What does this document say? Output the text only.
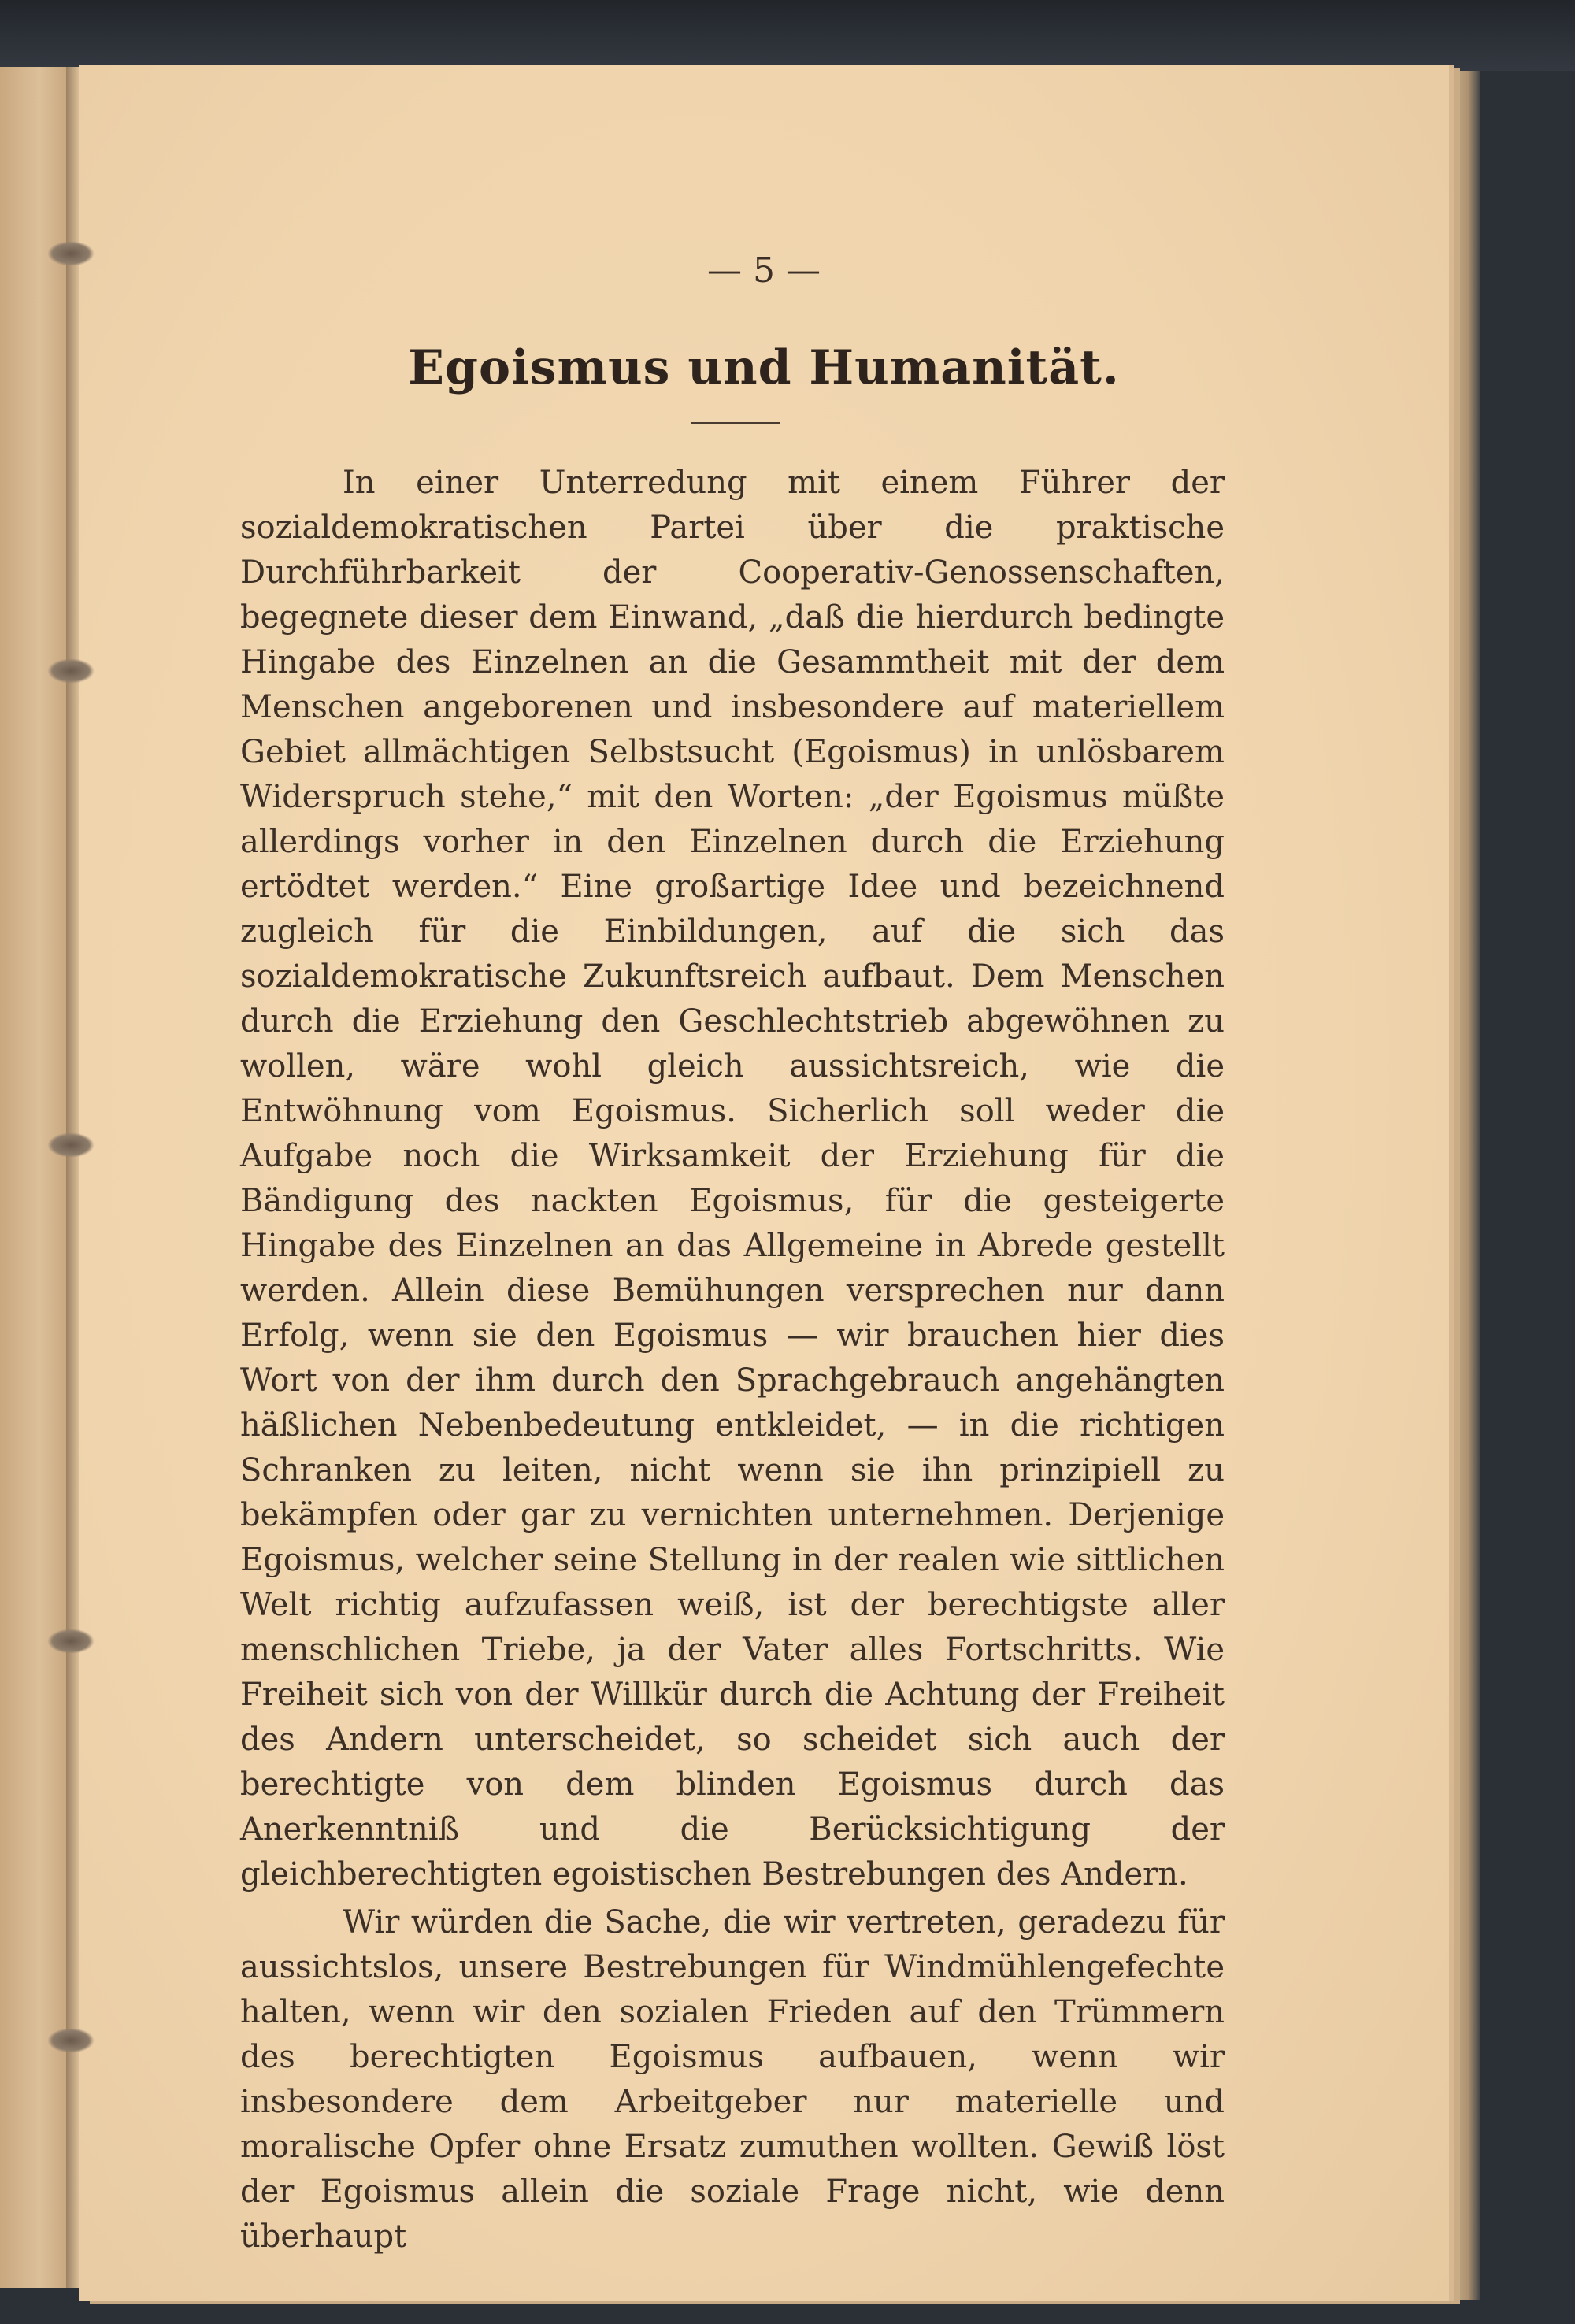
— 5 —
Egoismus und Humanität.

In einer Unterredung mit einem Führer der sozialdemokratischen Partei über die praktische Durchführbarkeit der Cooperativ-Genossenschaften, begegnete dieser dem Einwand, „daß die hierdurch bedingte Hingabe des Einzelnen an die Gesammtheit mit der dem Menschen angeborenen und insbesondere auf materiellem Gebiet allmächtigen Selbstsucht (Egoismus) in unlösbarem Widerspruch stehe,“ mit den Worten: „der Egoismus müßte allerdings vorher in den Einzelnen durch die Erziehung ertödtet werden.“ Eine großartige Idee und bezeichnend zugleich für die Einbildungen, auf die sich das sozialdemokratische Zukunftsreich aufbaut. Dem Menschen durch die Erziehung den Geschlechtstrieb abgewöhnen zu wollen, wäre wohl gleich aussichtsreich, wie die Entwöhnung vom Egoismus. Sicherlich soll weder die Aufgabe noch die Wirksamkeit der Erziehung für die Bändigung des nackten Egoismus, für die gesteigerte Hingabe des Einzelnen an das Allgemeine in Abrede gestellt werden. Allein diese Bemühungen versprechen nur dann Erfolg, wenn sie den Egoismus — wir brauchen hier dies Wort von der ihm durch den Sprachgebrauch angehängten häßlichen Nebenbedeutung entkleidet, — in die richtigen Schranken zu leiten, nicht wenn sie ihn prinzipiell zu bekämpfen oder gar zu vernichten unternehmen. Derjenige Egoismus, welcher seine Stellung in der realen wie sittlichen Welt richtig aufzufassen weiß, ist der berechtigste aller menschlichen Triebe, ja der Vater alles Fortschritts. Wie Freiheit sich von der Willkür durch die Achtung der Freiheit des Andern unterscheidet, so scheidet sich auch der berechtigte von dem blinden Egoismus durch das Anerkenntniß und die Berücksichtigung der gleichberechtigten egoistischen Bestrebungen des Andern.

Wir würden die Sache, die wir vertreten, geradezu für aussichtslos, unsere Bestrebungen für Windmühlengefechte halten, wenn wir den sozialen Frieden auf den Trümmern des berechtigten Egoismus aufbauen, wenn wir insbesondere dem Arbeitgeber nur materielle und moralische Opfer ohne Ersatz zumuthen wollten. Gewiß löst der Egoismus allein die soziale Frage nicht, wie denn überhaupt
